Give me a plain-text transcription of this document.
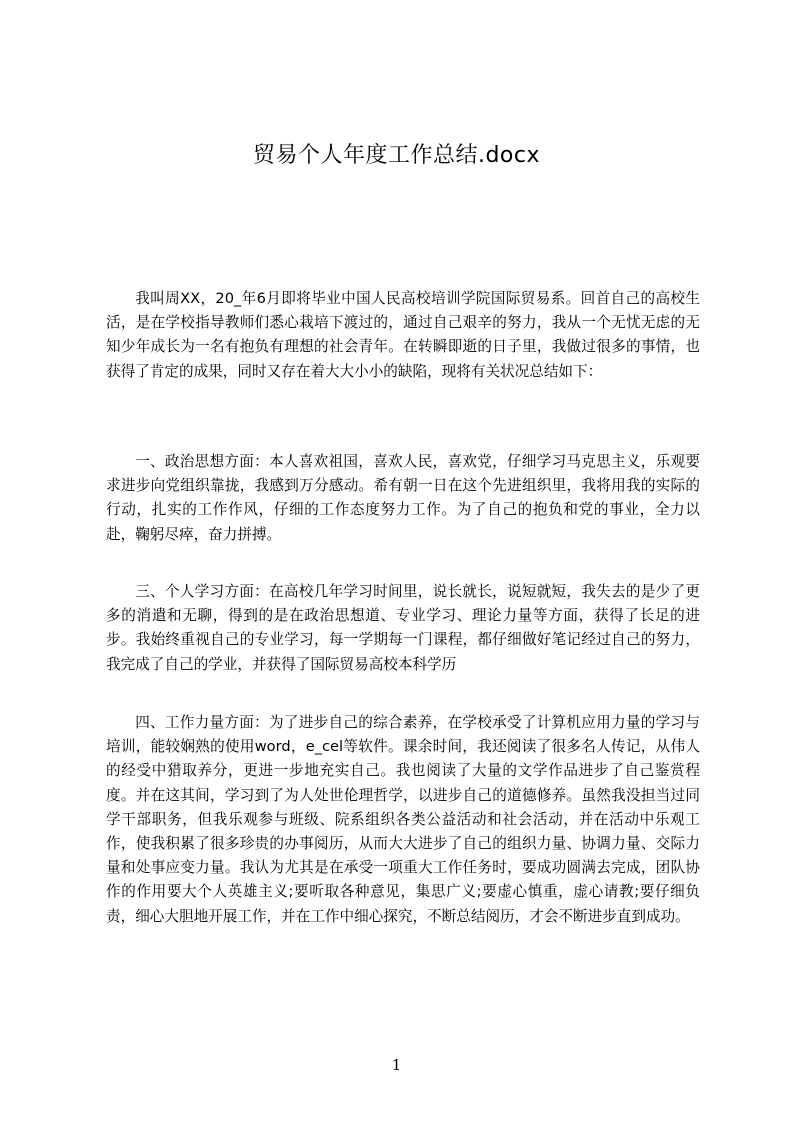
贸易个人年度工作总结.docx

我叫周XX，20_年6月即将毕业中国人民高校培训学院国际贸易系。回首自己的高校生活，是在学校指导教师们悉心栽培下渡过的，通过自己艰辛的努力，我从一个无忧无虑的无知少年成长为一名有抱负有理想的社会青年。在转瞬即逝的日子里，我做过很多的事情，也获得了肯定的成果，同时又存在着大大小小的缺陷，现将有关状况总结如下：

一、政治思想方面：本人喜欢祖国，喜欢人民，喜欢党，仔细学习马克思主义，乐观要求进步向党组织靠拢，我感到万分感动。希有朝一日在这个先进组织里，我将用我的实际的行动，扎实的工作作风，仔细的工作态度努力工作。为了自己的抱负和党的事业，全力以赴，鞠躬尽瘁，奋力拼搏。

三、个人学习方面：在高校几年学习时间里，说长就长，说短就短，我失去的是少了更多的消遣和无聊，得到的是在政治思想道、专业学习、理论力量等方面，获得了长足的进步。我始终重视自己的专业学习，每一学期每一门课程，都仔细做好笔记经过自己的努力，我完成了自己的学业，并获得了国际贸易高校本科学历

四、工作力量方面：为了进步自己的综合素养，在学校承受了计算机应用力量的学习与培训，能较娴熟的使用word，e_cel等软件。课余时间，我还阅读了很多名人传记，从伟人的经受中猎取养分，更进一步地充实自己。我也阅读了大量的文学作品进步了自己鉴赏程度。并在这其间，学习到了为人处世伦理哲学，以进步自己的道德修养。虽然我没担当过同学干部职务，但我乐观参与班级、院系组织各类公益活动和社会活动，并在活动中乐观工作，使我积累了很多珍贵的办事阅历，从而大大进步了自己的组织力量、协调力量、交际力量和处事应变力量。我认为尤其是在承受一项重大工作任务时，要成功圆满去完成，团队协作的作用要大个人英雄主义;要听取各种意见，集思广义;要虚心慎重，虚心请教;要仔细负责，细心大胆地开展工作，并在工作中细心探究，不断总结阅历，才会不断进步直到成功。

1
